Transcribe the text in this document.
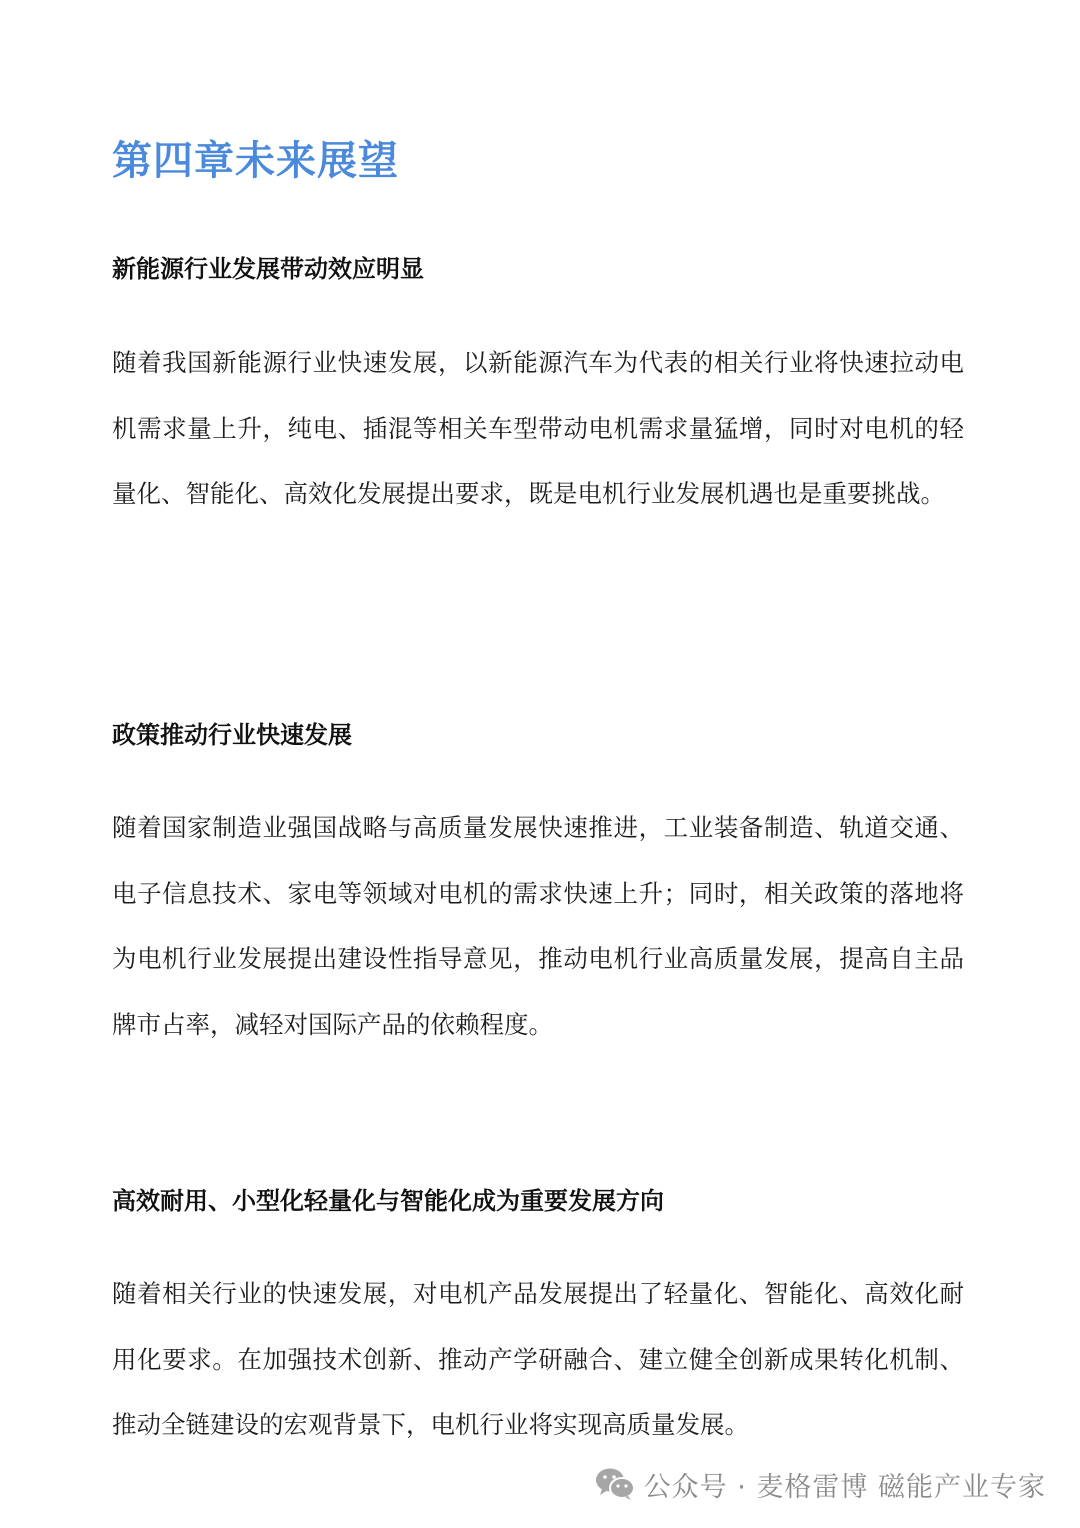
第四章未来展望
新能源行业发展带动效应明显

随着我国新能源行业快速发展，以新能源汽车为代表的相关行业将快速拉动电机需求量上升，纯电、插混等相关车型带动电机需求量猛增，同时对电机的轻量化、智能化、高效化发展提出要求，既是电机行业发展机遇也是重要挑战。

政策推动行业快速发展

随着国家制造业强国战略与高质量发展快速推进，工业装备制造、轨道交通、电子信息技术、家电等领域对电机的需求快速上升；同时，相关政策的落地将为电机行业发展提出建设性指导意见，推动电机行业高质量发展，提高自主品牌市占率，减轻对国际产品的依赖程度。

高效耐用、小型化轻量化与智能化成为重要发展方向

随着相关行业的快速发展，对电机产品发展提出了轻量化、智能化、高效化耐用化要求。在加强技术创新、推动产学研融合、建立健全创新成果转化机制、推动全链建设的宏观背景下，电机行业将实现高质量发展。

公众号 · 麦格雷博 磁能产业专家
